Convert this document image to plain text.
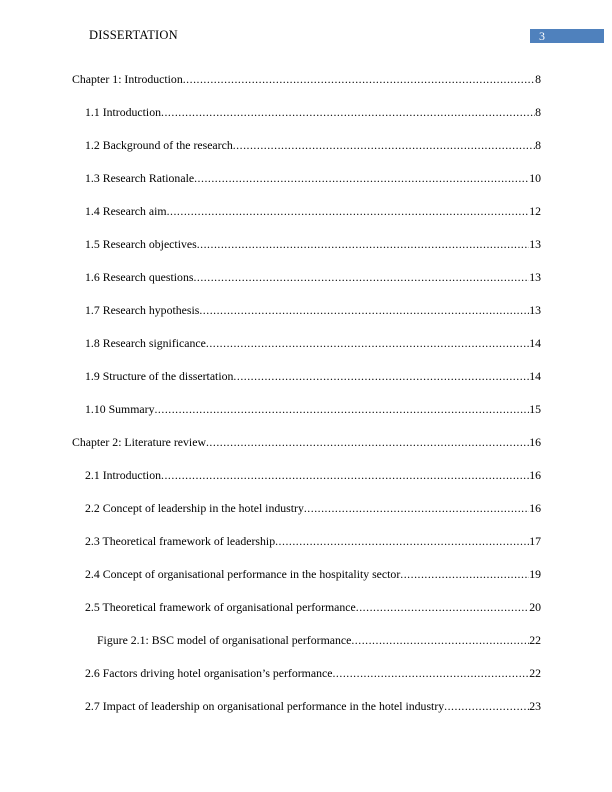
DISSERTATION	3
Chapter 1: Introduction .....	8
1.1 Introduction .....	8
1.2 Background of the research .....	8
1.3 Research Rationale .....	10
1.4 Research aim .....	12
1.5 Research objectives .....	13
1.6 Research questions .....	13
1.7 Research hypothesis .....	13
1.8 Research significance .....	14
1.9 Structure of the dissertation .....	14
1.10 Summary .....	15
Chapter 2: Literature review .....	16
2.1 Introduction .....	16
2.2 Concept of leadership in the hotel industry .....	16
2.3 Theoretical framework of leadership .....	17
2.4 Concept of organisational performance in the hospitality sector .....	19
2.5 Theoretical framework of organisational performance .....	20
Figure 2.1: BSC model of organisational performance .....	22
2.6 Factors driving hotel organisation’s performance .....	22
2.7 Impact of leadership on organisational performance in the hotel industry .....	23
